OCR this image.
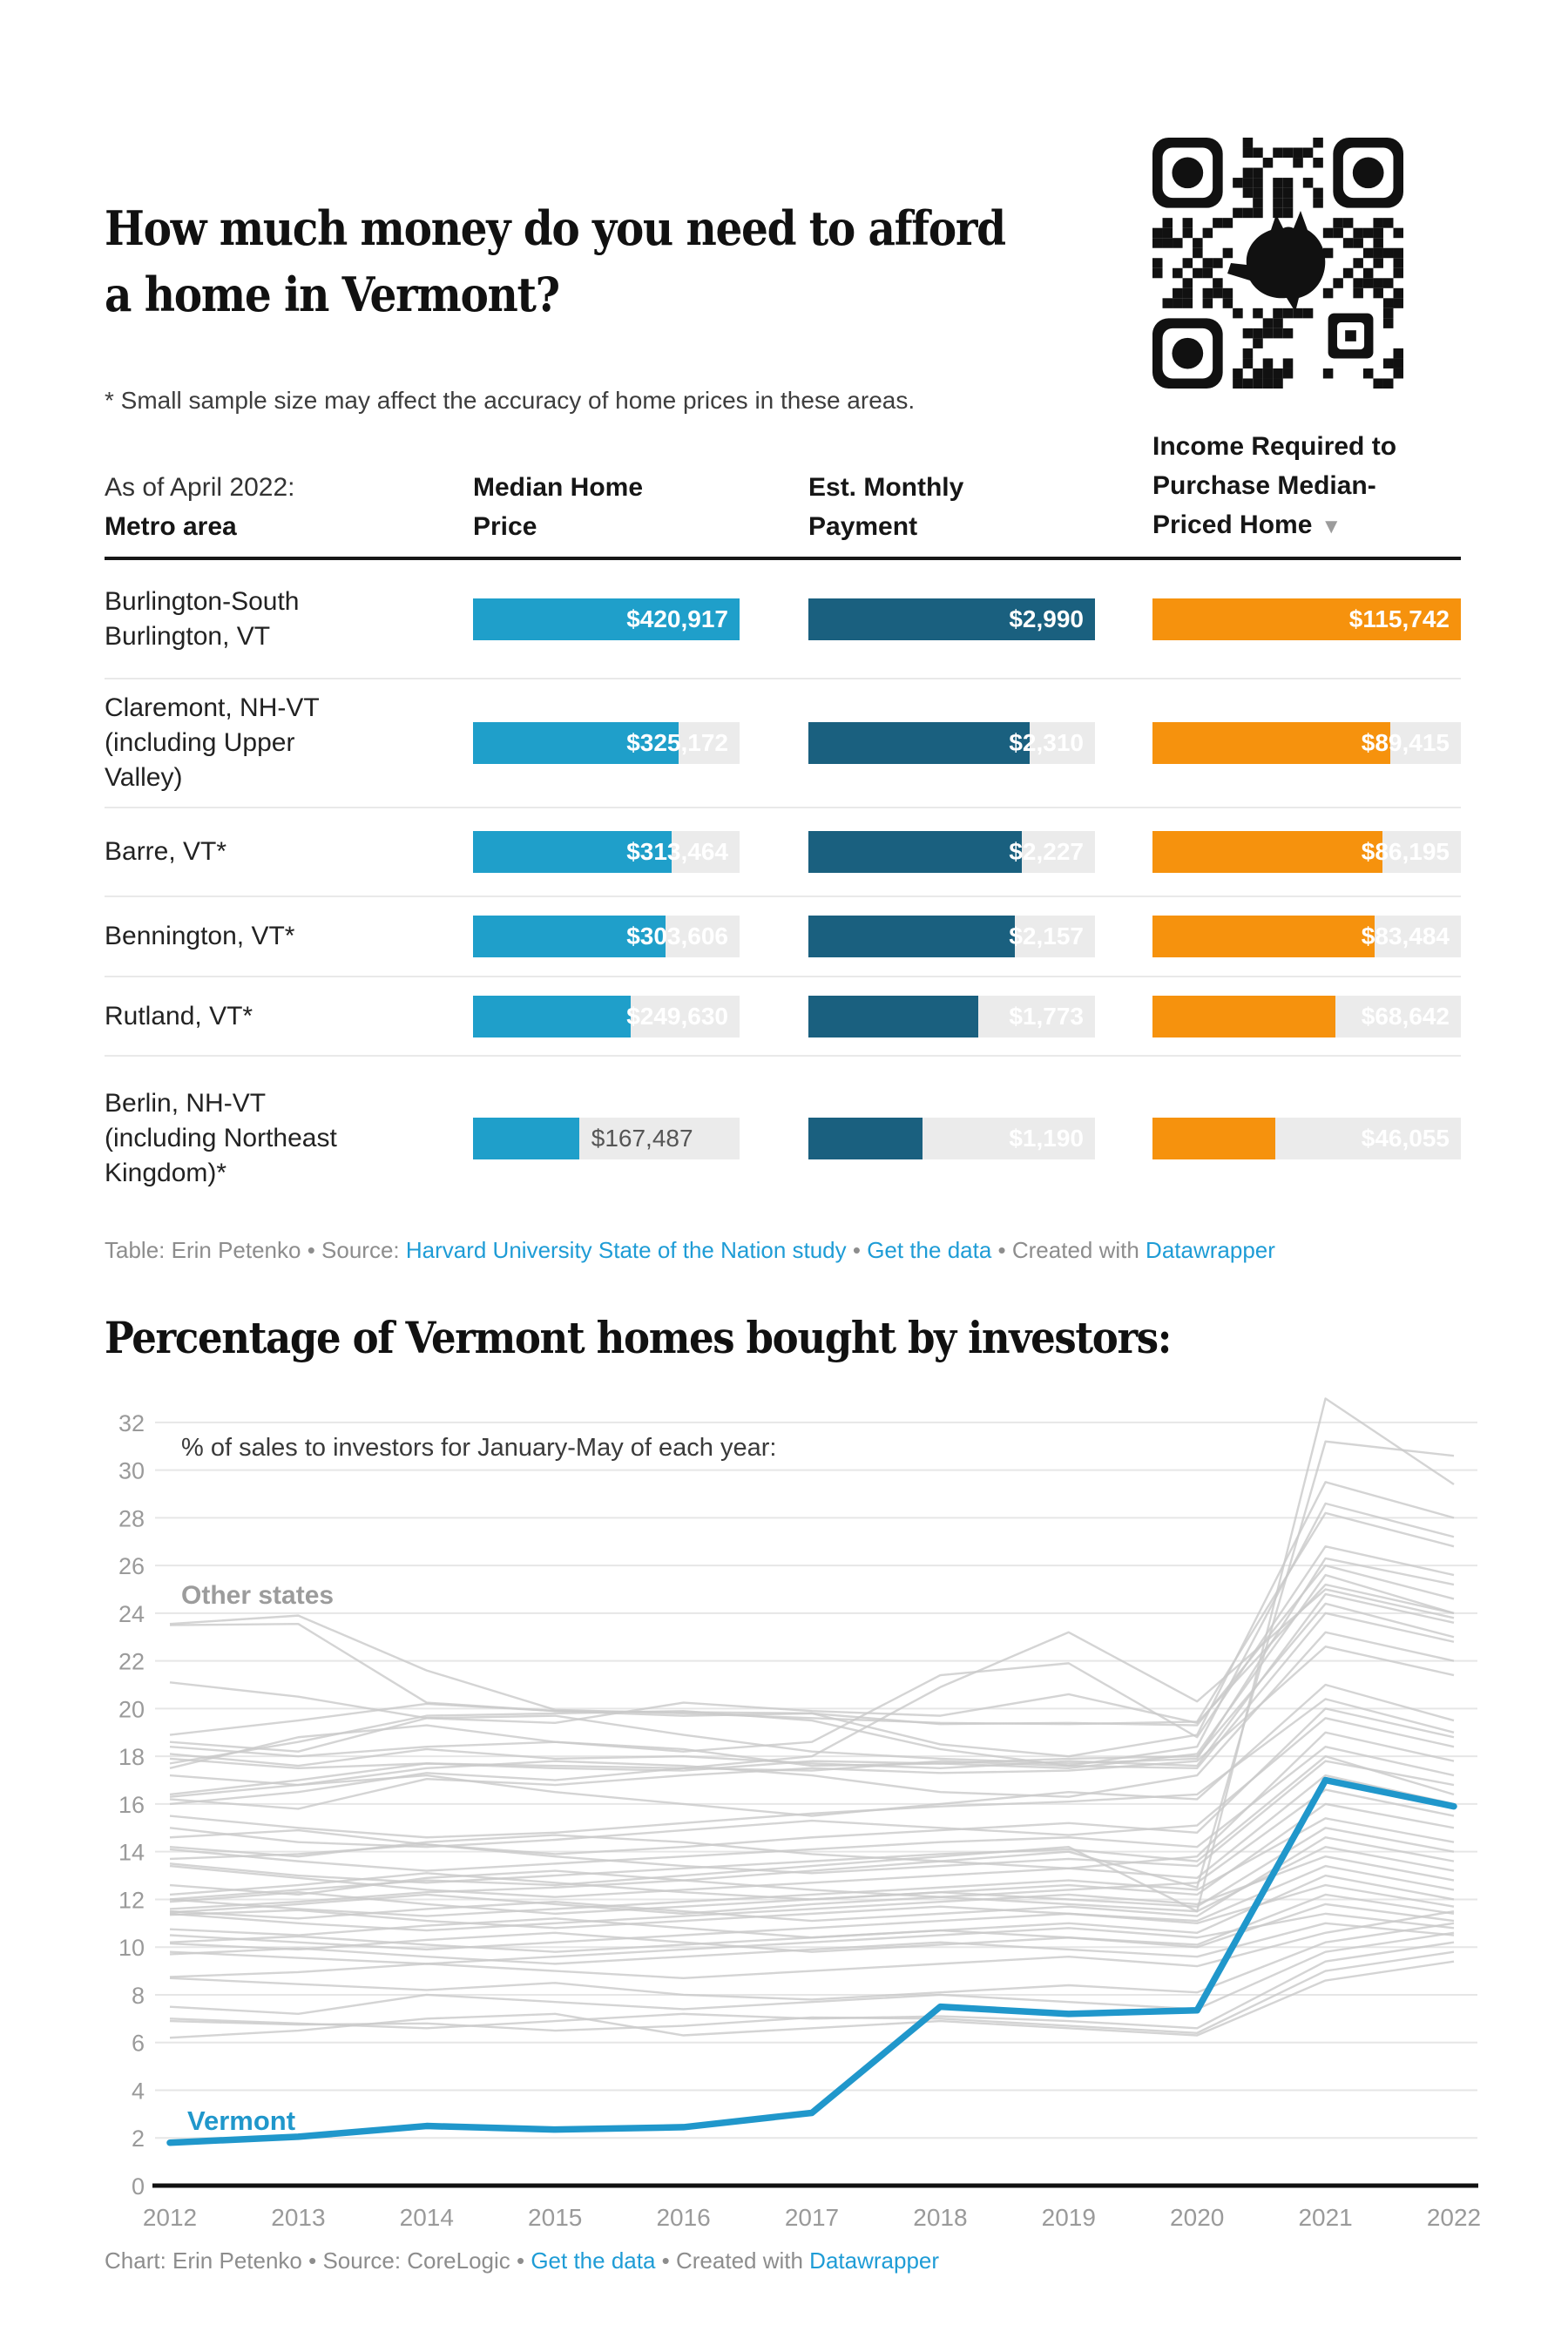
How much money do you need to afford
a home in Vermont?
* Small sample size may affect the accuracy of home prices in these areas.
As of April 2022:
Metro area
Median Home
Price
Est. Monthly
Payment
Income Required to
Purchase Median-
Priced Home ▼
Burlington-South
Burlington, VT
$420,917	$2,990	$115,742
Claremont, NH-VT
(including Upper
Valley)
$325,172	$2,310	$89,415
Barre, VT*	$313,464	$2,227	$86,195
Bennington, VT*	$303,606	$2,157	$83,484
Rutland, VT*	$249,630	$1,773	$68,642
Berlin, NH-VT
(including Northeast
Kingdom)*
$167,487	$1,190	$46,055
Table: Erin Petenko • Source: Harvard University State of the Nation study • Get the data • Created with Datawrapper
Percentage of Vermont homes bought by investors:
0
2
4
6
8
10
12
14
16
18
20
22
24
26
28
30
32
2012	2013	2014	2015	2016	2017	2018	2019	2020	2021	2022
% of sales to investors for January-May of each year:
Other states
Vermont
Chart: Erin Petenko • Source: CoreLogic • Get the data • Created with Datawrapper
